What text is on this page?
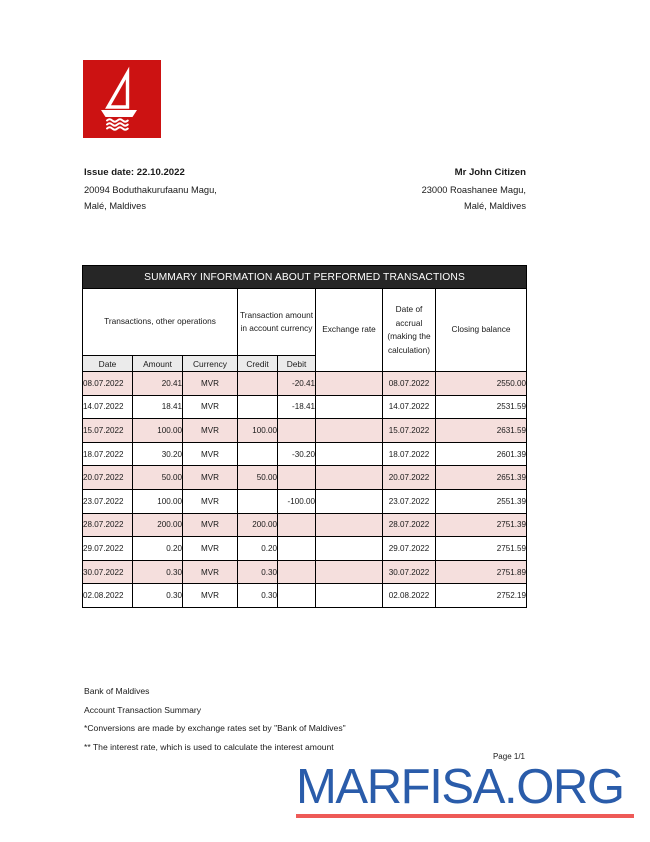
Issue date: 22.10.2022
20094 Boduthakurufaanu Magu,
Malé, Maldives
Mr John Citizen
23000 Roashanee Magu,
Malé, Maldives
SUMMARY INFORMATION ABOUT PERFORMED TRANSACTIONS							
Transactions, other operations			Transaction amount in account currency		Exchange rate	Date of accrual (making the calculation)	Closing balance
Date	Amount	Currency	Credit	Debit			
08.07.2022	20.41	MVR		-20.41		08.07.2022	2550.00
14.07.2022	18.41	MVR		-18.41		14.07.2022	2531.59
15.07.2022	100.00	MVR	100.00			15.07.2022	2631.59
18.07.2022	30.20	MVR		-30.20		18.07.2022	2601.39
20.07.2022	50.00	MVR	50.00			20.07.2022	2651.39
23.07.2022	100.00	MVR		-100.00		23.07.2022	2551.39
28.07.2022	200.00	MVR	200.00			28.07.2022	2751.39
29.07.2022	0.20	MVR	0.20			29.07.2022	2751.59
30.07.2022	0.30	MVR	0.30			30.07.2022	2751.89
02.08.2022	0.30	MVR	0.30			02.08.2022	2752.19
Bank of Maldives
Account Transaction Summary
*Conversions are made by exchange rates set by "Bank of Maldives"
** The interest rate, which is used to calculate the interest amount
Page 1/1
MARFISA.ORG
